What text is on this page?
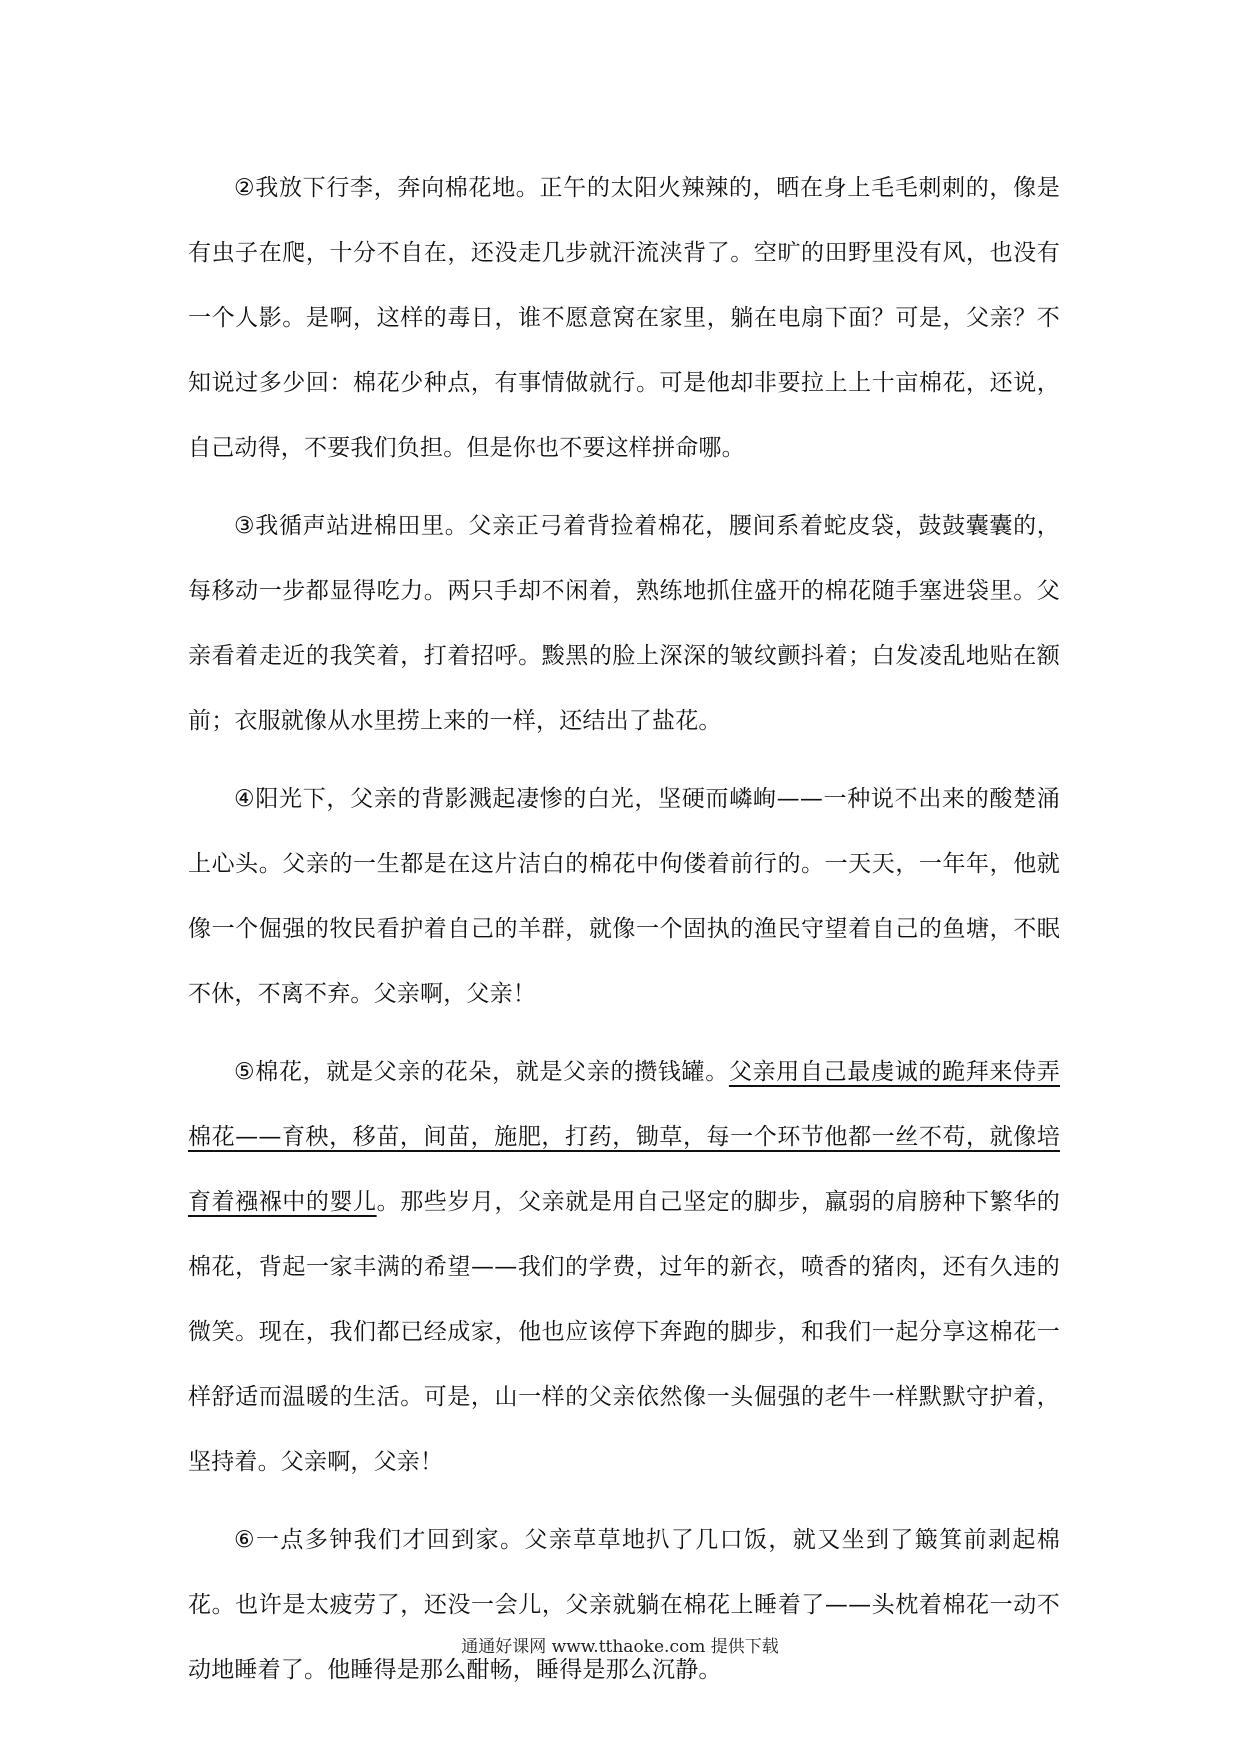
②我放下行李，奔向棉花地。正午的太阳火辣辣的，晒在身上毛毛刺刺的，像是有虫子在爬，十分不自在，还没走几步就汗流浃背了。空旷的田野里没有风，也没有一个人影。是啊，这样的毒日，谁不愿意窝在家里，躺在电扇下面？可是，父亲？不知说过多少回：棉花少种点，有事情做就行。可是他却非要拉上上十亩棉花，还说，自己动得，不要我们负担。但是你也不要这样拼命哪。

③我循声站进棉田里。父亲正弓着背捡着棉花，腰间系着蛇皮袋，鼓鼓囊囊的，每移动一步都显得吃力。两只手却不闲着，熟练地抓住盛开的棉花随手塞进袋里。父亲看着走近的我笑着，打着招呼。黢黑的脸上深深的皱纹颤抖着；白发凌乱地贴在额前；衣服就像从水里捞上来的一样，还结出了盐花。

④阳光下，父亲的背影溅起凄惨的白光，坚硬而嶙峋——一种说不出来的酸楚涌上心头。父亲的一生都是在这片洁白的棉花中佝偻着前行的。一天天，一年年，他就像一个倔强的牧民看护着自己的羊群，就像一个固执的渔民守望着自己的鱼塘，不眠不休，不离不弃。父亲啊，父亲！

⑤棉花，就是父亲的花朵，就是父亲的攒钱罐。父亲用自己最虔诚的跪拜来侍弄棉花——育秧，移苗，间苗，施肥，打药，锄草，每一个环节他都一丝不苟，就像培育着襁褓中的婴儿。那些岁月，父亲就是用自己坚定的脚步，羸弱的肩膀种下繁华的棉花，背起一家丰满的希望——我们的学费，过年的新衣，喷香的猪肉，还有久违的微笑。现在，我们都已经成家，他也应该停下奔跑的脚步，和我们一起分享这棉花一样舒适而温暖的生活。可是，山一样的父亲依然像一头倔强的老牛一样默默守护着，坚持着。父亲啊，父亲！

⑥一点多钟我们才回到家。父亲草草地扒了几口饭，就又坐到了簸箕前剥起棉花。也许是太疲劳了，还没一会儿，父亲就躺在棉花上睡着了——头枕着棉花一动不动地睡着了。他睡得是那么酣畅，睡得是那么沉静。

通通好课网 www.tthaoke.com 提供下载
